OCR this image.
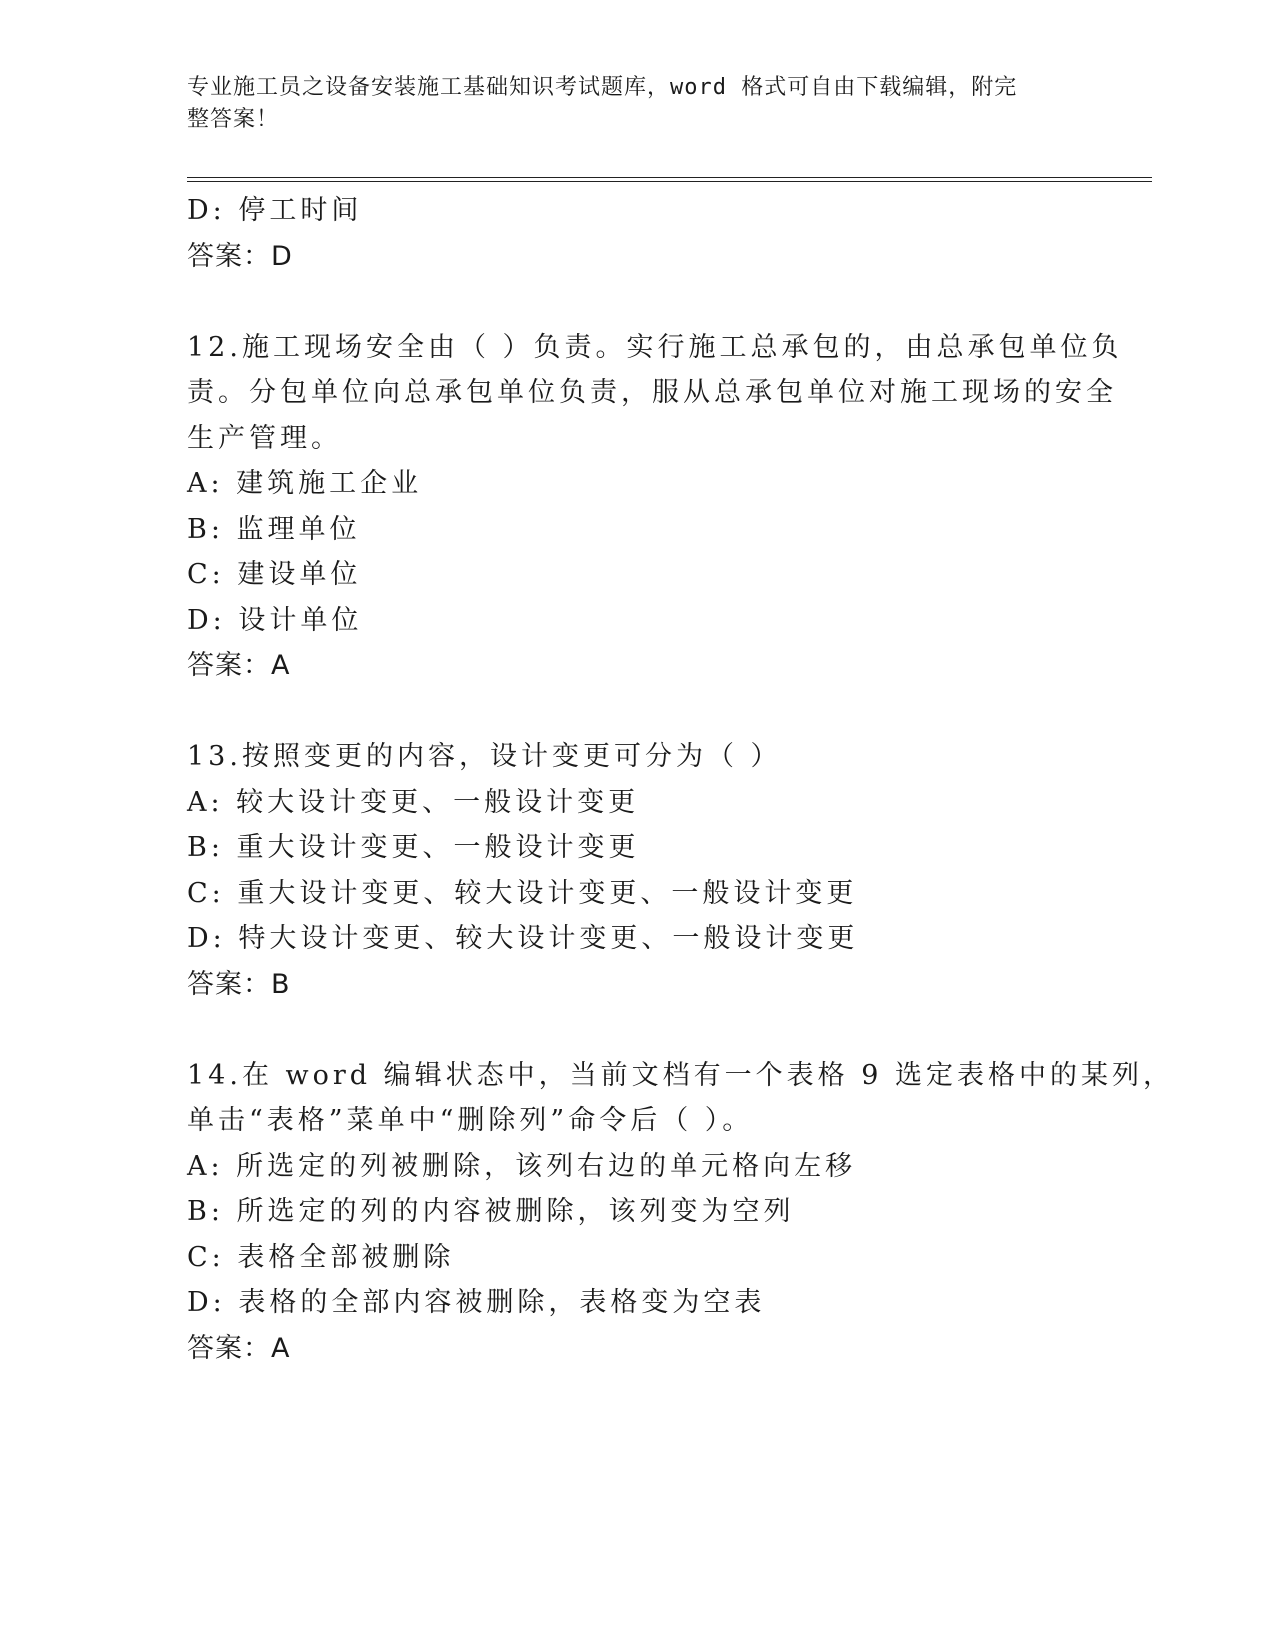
专业施工员之设备安装施工基础知识考试题库，word 格式可自由下载编辑，附完
整答案！
D: 停工时间
答案：D
12.施工现场安全由（ ）负责。实行施工总承包的，由总承包单位负
责。分包单位向总承包单位负责，服从总承包单位对施工现场的安全
生产管理。
A: 建筑施工企业
B: 监理单位
C: 建设单位
D: 设计单位
答案：A
13.按照变更的内容，设计变更可分为（ ）
A: 较大设计变更、一般设计变更
B: 重大设计变更、一般设计变更
C: 重大设计变更、较大设计变更、一般设计变更
D: 特大设计变更、较大设计变更、一般设计变更
答案：B
14.在 word 编辑状态中，当前文档有一个表格 9 选定表格中的某列，
单击“表格”菜单中“删除列”命令后（ ）。
A: 所选定的列被删除，该列右边的单元格向左移
B: 所选定的列的内容被删除，该列变为空列
C: 表格全部被删除
D: 表格的全部内容被删除，表格变为空表
答案：A
